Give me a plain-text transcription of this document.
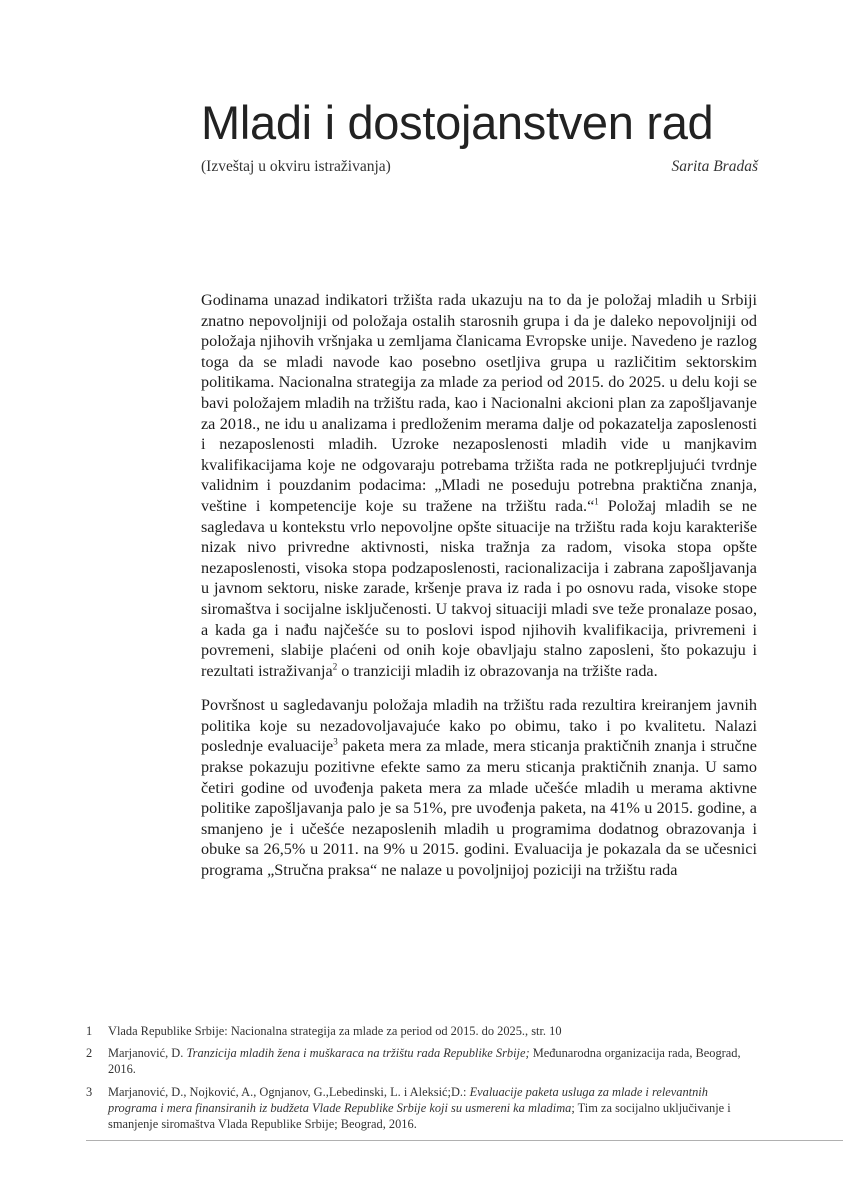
Mladi i dostojanstven rad
(Izveštaj u okviru istraživanja)	Sarita Bradaš

Godinama unazad indikatori tržišta rada ukazuju na to da je položaj mladih u Srbiji znatno nepovoljniji od položaja ostalih starosnih grupa i da je daleko nepovoljniji od položaja njihovih vršnjaka u zemljama članicama Evropske unije. Navedeno je razlog toga da se mladi navode kao posebno osetljiva grupa u različitim sektorskim politikama. Nacionalna strategija za mlade za period od 2015. do 2025. u delu koji se bavi položajem mladih na tržištu rada, kao i Nacionalni akcioni plan za zapošljavanje za 2018., ne idu u analizama i predloženim merama dalje od pokazatelja zaposlenosti i nezaposlenosti mladih. Uzroke nezaposlenosti mladih vide u manjkavim kvalifikacijama koje ne odgovaraju potrebama tržišta rada ne potkrepljujući tvrdnje validnim i pouzdanim podacima: „Mladi ne poseduju potrebna praktična znanja, veštine i kompetencije koje su tražene na tržištu rada.“$^1$ Položaj mladih se ne sagledava u kontekstu vrlo nepovoljne opšte situacije na tržištu rada koju karakteriše nizak nivo privredne aktivnosti, niska tražnja za radom, visoka stopa opšte nezaposlenosti, visoka stopa podzaposlenosti, racionalizacija i zabrana zapošljavanja u javnom sektoru, niske zarade, kršenje prava iz rada i po osnovu rada, visoke stope siromaštva i socijalne isključenosti. U takvoj situaciji mladi sve teže pronalaze posao, a kada ga i nađu najčešće su to poslovi ispod njihovih kvalifikacija, privremeni i povremeni, slabije plaćeni od onih koje obavljaju stalno zaposleni, što pokazuju i rezultati istraživanja$^2$ o tranziciji mladih iz obrazovanja na tržište rada.

Površnost u sagledavanju položaja mladih na tržištu rada rezultira kreiranjem javnih politika koje su nezadovoljavajuće kako po obimu, tako i po kvalitetu. Nalazi poslednje evaluacije$^3$ paketa mera za mlade, mera sticanja praktičnih znanja i stručne prakse pokazuju pozitivne efekte samo za meru sticanja praktičnih znanja. U samo četiri godine od uvođenja paketa mera za mlade učešće mladih u merama aktivne politike zapošljavanja palo je sa 51%, pre uvođenja paketa, na 41% u 2015. godine, a smanjeno je i učešće nezaposlenih mladih u programima dodatnog obrazovanja i obuke sa 26,5% u 2011. na 9% u 2015. godini. Evaluacija je pokazala da se učesnici programa „Stručna praksa“ ne nalaze u povoljnijoj poziciji na tržištu rada

1	Vlada Republike Srbije: Nacionalna strategija za mlade za period od 2015. do 2025., str. 10
2	Marjanović, D. Tranzicija mladih žena i muškaraca na tržištu rada Republike Srbije; Međunarodna organizacija rada, Beograd, 2016.
3	Marjanović, D., Nojković, A., Ognjanov, G.,Lebedinski, L. i Aleksić;D.: Evaluacije paketa usluga za mlade i relevantnih programa i mera finansiranih iz budžeta Vlade Republike Srbije koji su usmereni ka mladima; Tim za socijalno uključivanje i smanjenje siromaštva Vlada Republike Srbije; Beograd, 2016.
